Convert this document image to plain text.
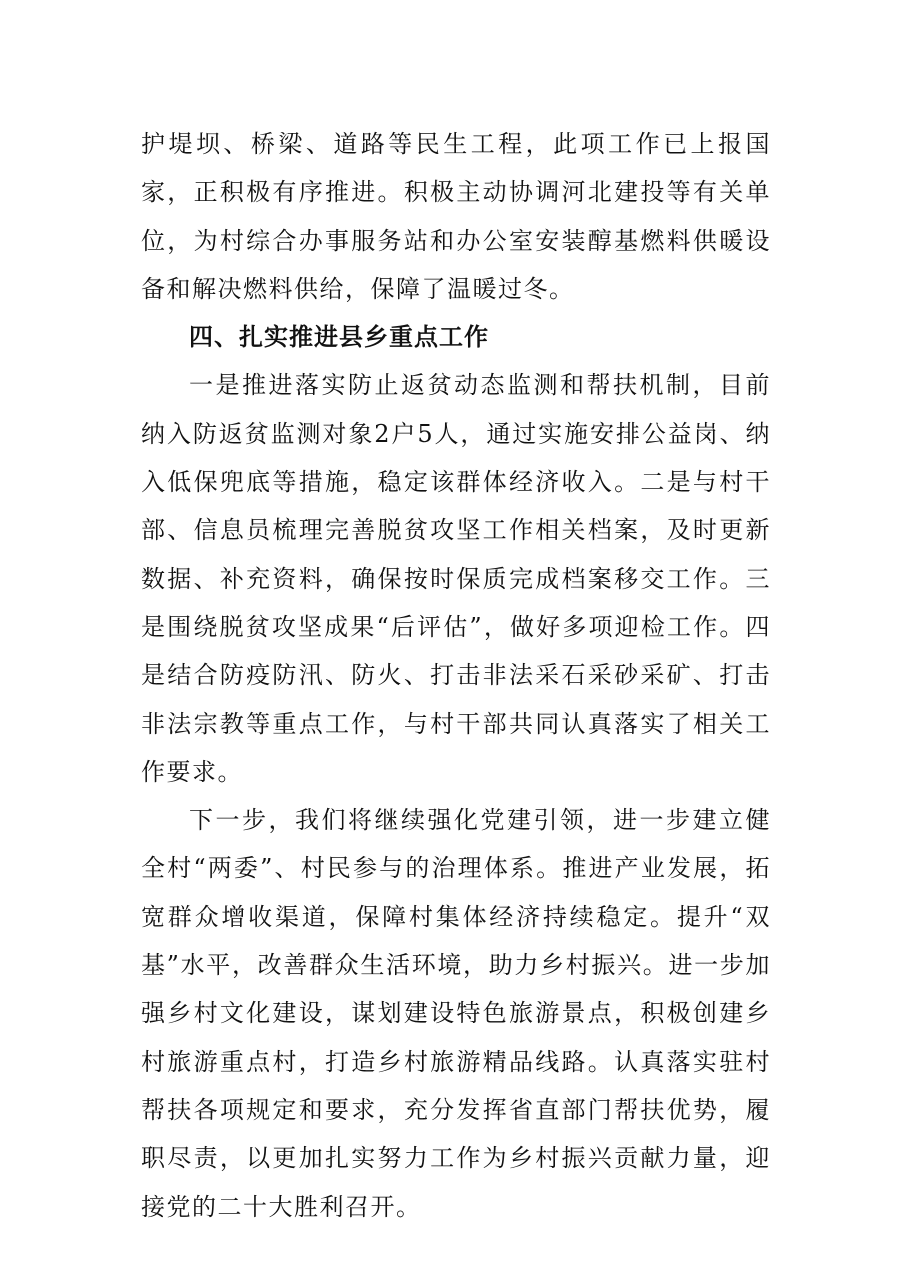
护堤坝、桥梁、道路等民生工程，此项工作已上报国家，正积极有序推进。积极主动协调河北建投等有关单位，为村综合办事服务站和办公室安装醇基燃料供暖设备和解决燃料供给，保障了温暖过冬。

四、扎实推进县乡重点工作

一是推进落实防止返贫动态监测和帮扶机制，目前纳入防返贫监测对象2户5人，通过实施安排公益岗、纳入低保兜底等措施，稳定该群体经济收入。二是与村干部、信息员梳理完善脱贫攻坚工作相关档案，及时更新数据、补充资料，确保按时保质完成档案移交工作。三是围绕脱贫攻坚成果“后评估”，做好多项迎检工作。四是结合防疫防汛、防火、打击非法采石采砂采矿、打击非法宗教等重点工作，与村干部共同认真落实了相关工作要求。

下一步，我们将继续强化党建引领，进一步建立健全村“两委”、村民参与的治理体系。推进产业发展，拓宽群众增收渠道，保障村集体经济持续稳定。提升“双基”水平，改善群众生活环境，助力乡村振兴。进一步加强乡村文化建设，谋划建设特色旅游景点，积极创建乡村旅游重点村，打造乡村旅游精品线路。认真落实驻村帮扶各项规定和要求，充分发挥省直部门帮扶优势，履职尽责，以更加扎实努力工作为乡村振兴贡献力量，迎接党的二十大胜利召开。
